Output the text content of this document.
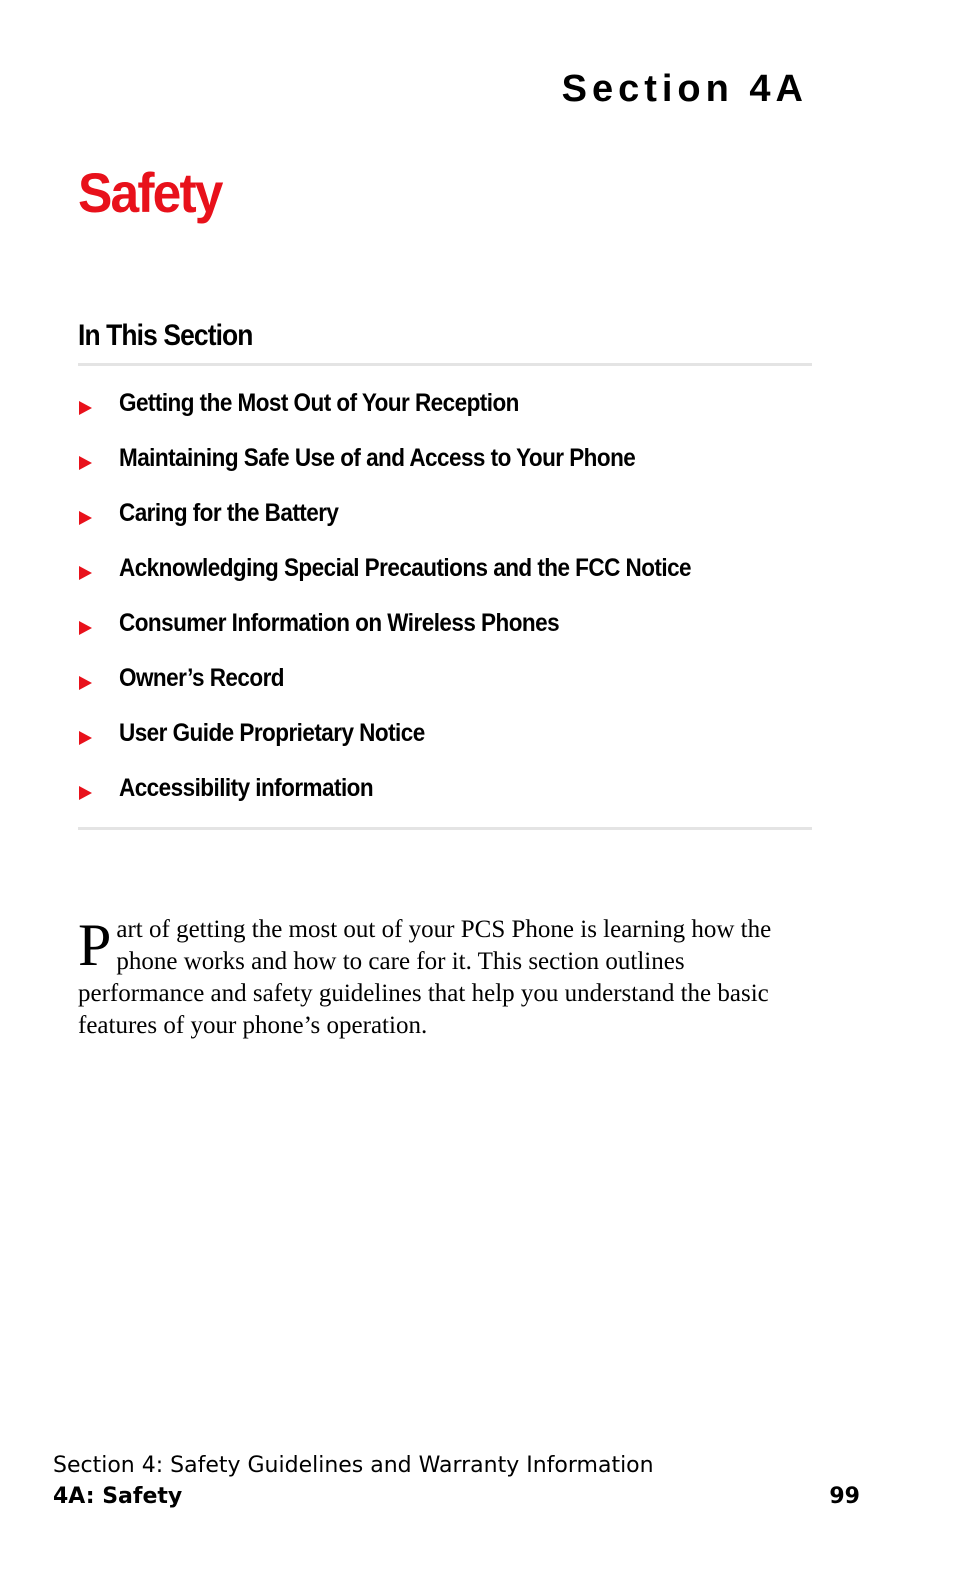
Section 4A
Safety
In This Section
Getting the Most Out of Your Reception
Maintaining Safe Use of and Access to Your Phone
Caring for the Battery
Acknowledging Special Precautions and the FCC Notice
Consumer Information on Wireless Phones
Owner’s Record
User Guide Proprietary Notice
Accessibility information
P art of getting the most out of your PCS Phone is learning how the phone works and how to care for it. This section outlines performance and safety guidelines that help you understand the basic features of your phone’s operation.
Section 4: Safety Guidelines and Warranty Information
4A: Safety	99
